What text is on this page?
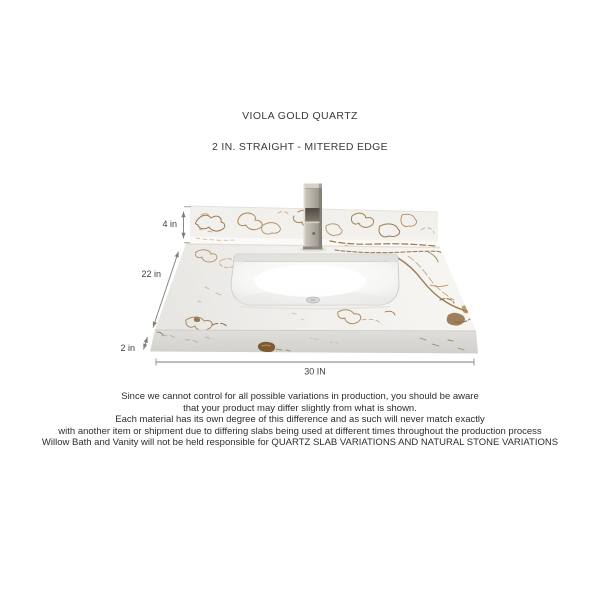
VIOLA GOLD QUARTZ
2 IN. STRAIGHT - MITERED EDGE
4 in
22 in
2 in
30 IN
Since we cannot control for all possible variations in production, you should be aware
that your product may differ slightly from what is shown.
Each material has its own degree of this difference and as such will never match exactly
with another item or shipment due to differing slabs being used at different times throughout the production process
Willow Bath and Vanity will not be held responsible for QUARTZ SLAB VARIATIONS AND NATURAL STONE VARIATIONS
